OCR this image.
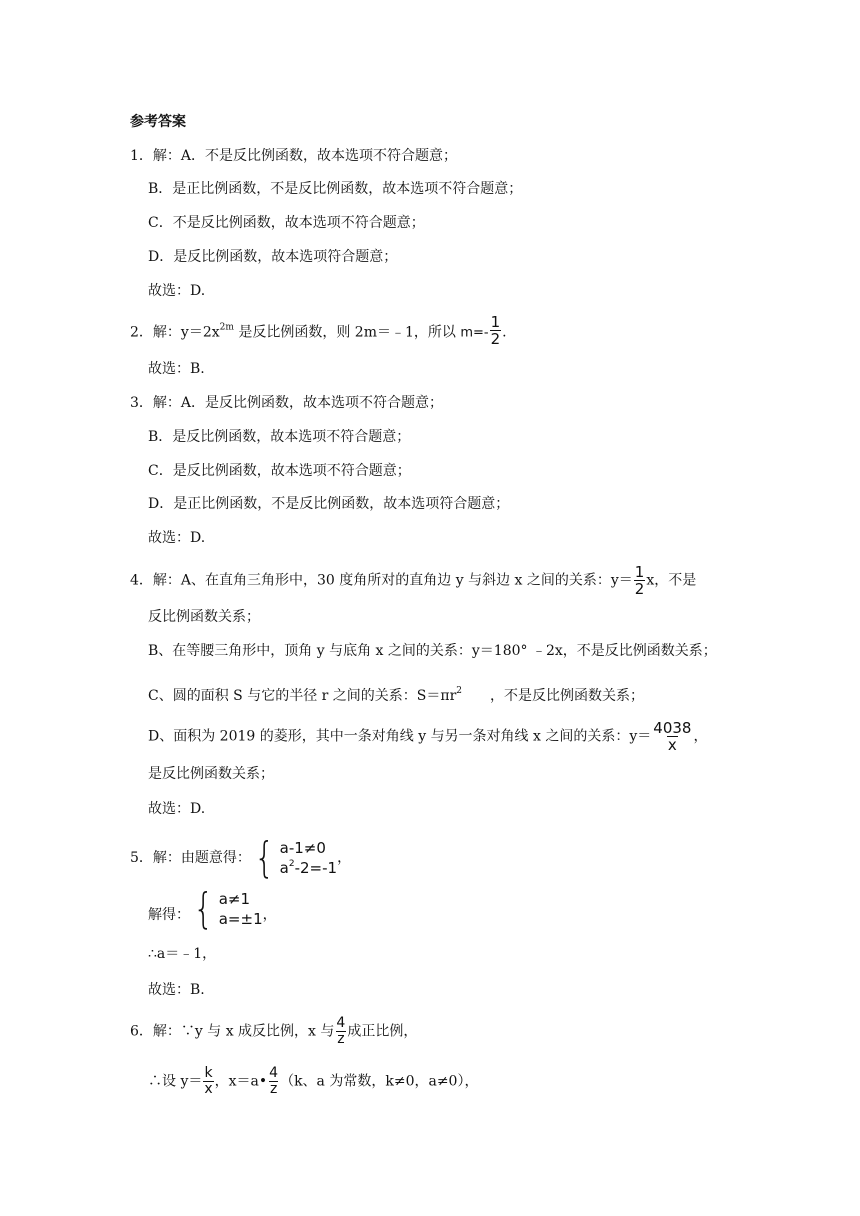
参考答案
1．解：A．不是反比例函数，故本选项不符合题意；
B．是正比例函数，不是反比例函数，故本选项不符合题意；
C．不是反比例函数，故本选项不符合题意；
D．是反比例函数，故本选项符合题意；
故选：D.
2．解：$y=2x^{2m}$ 是反比例函数，则 2m＝﹣1，所以 $m=- \frac{1}{2}$ .
故选：B.
3．解：A．是反比例函数，故本选项不符合题意；
B．是反比例函数，故本选项不符合题意；
C．是反比例函数，故本选项不符合题意；
D．是正比例函数，不是反比例函数，故本选项符合题意；
故选：D.
4．解：A、在直角三角形中，30 度角所对的直角边 y 与斜边 x 之间的关系：$y= \frac{1}{2}$ x，不是
反比例函数关系；
B、在等腰三角形中，顶角 y 与底角 x 之间的关系：y＝180° ﹣2x，不是反比例函数关系；
C、圆的面积 S 与它的半径 r 之间的关系：$S=\pi r^2$ ，不是反比例函数关系；
D、面积为 2019 的菱形，其中一条对角线 y 与另一条对角线 x 之间的关系：$y= \frac{4038}{x}$ ，
是反比例函数关系；
故选：D.
5．解：由题意得： { a-1≠0
$a^2-2=-1$
，
解得： { a≠1
a=±1 ，
∴a＝﹣1，
故选：B.
6．解：∵y 与 x 成反比例，x 与 $\frac{4}{z}$ 成正比例，
∴设 $y= \frac{k}{x}$ ，x＝a• $\frac{4}{z} (k$、a 为常数，k≠0，a≠0），
